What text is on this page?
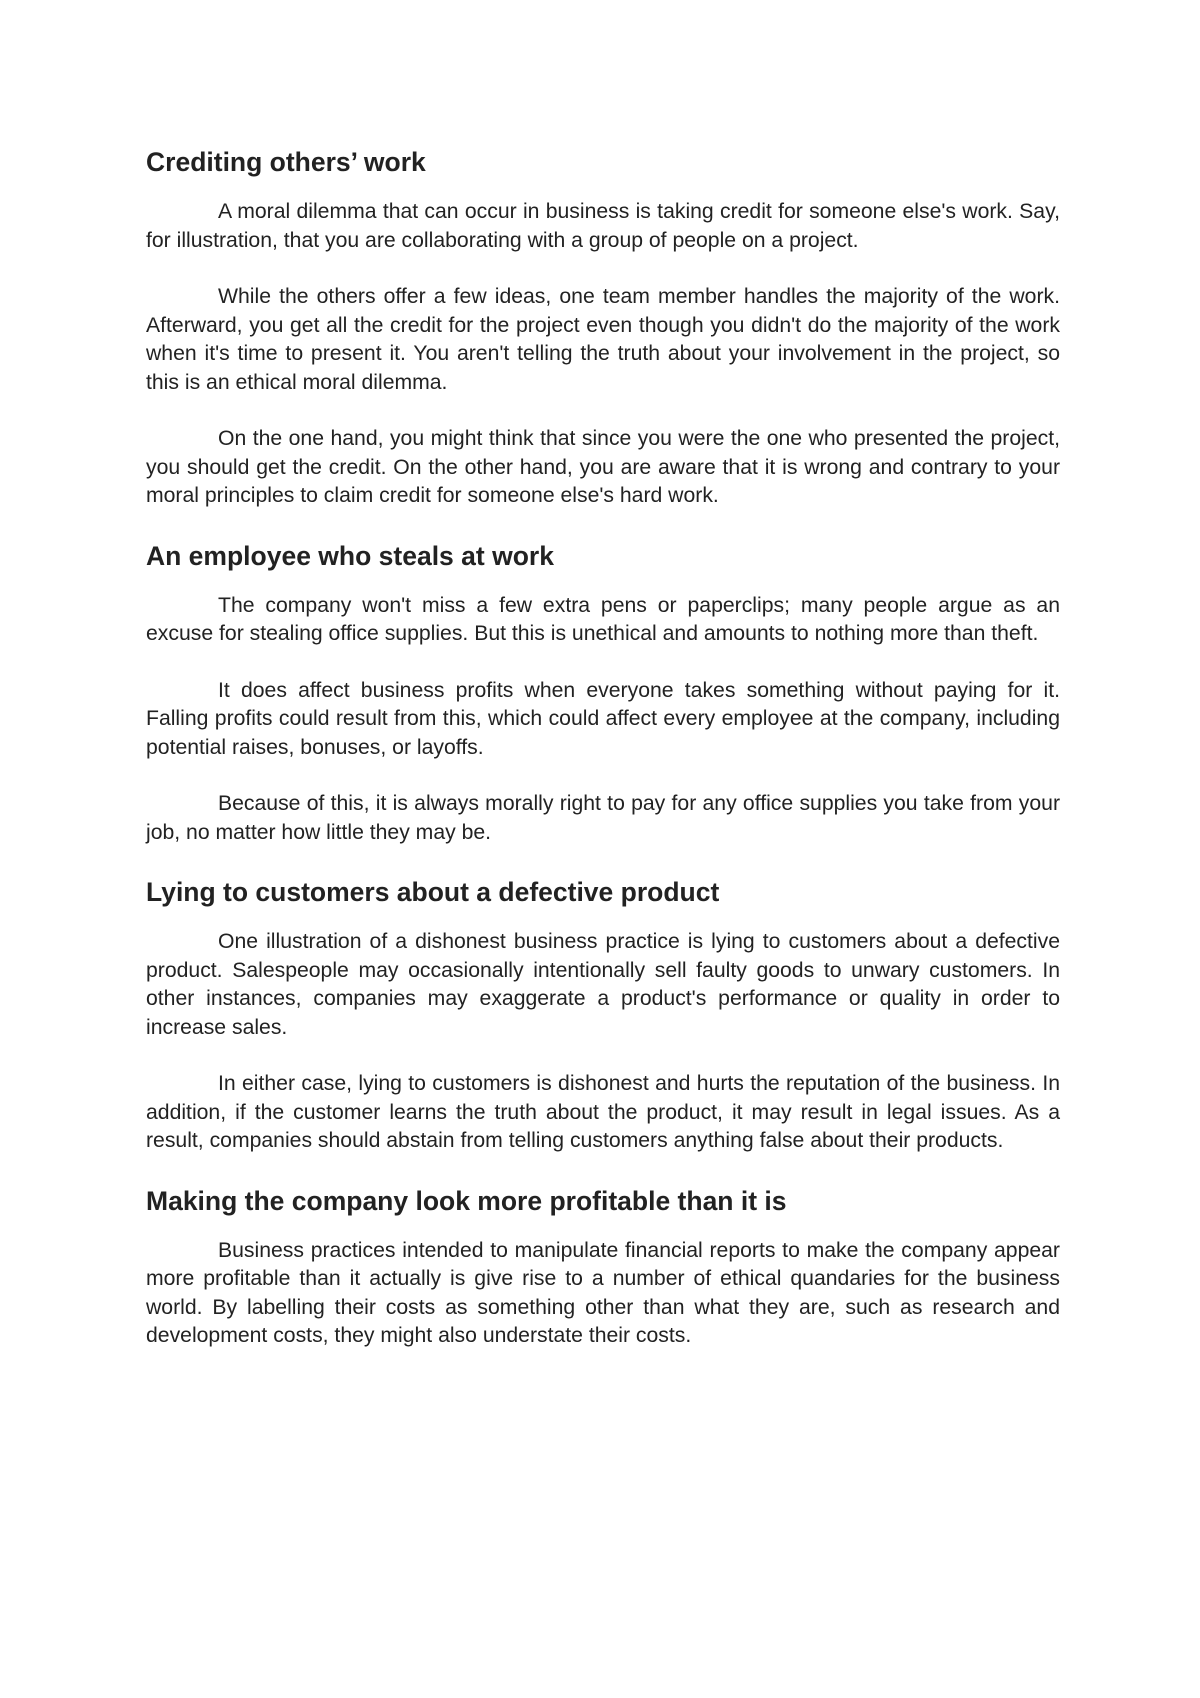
Crediting others’ work

A moral dilemma that can occur in business is taking credit for someone else's work. Say, for illustration, that you are collaborating with a group of people on a project.

While the others offer a few ideas, one team member handles the majority of the work. Afterward, you get all the credit for the project even though you didn't do the majority of the work when it's time to present it. You aren't telling the truth about your involvement in the project, so this is an ethical moral dilemma.

On the one hand, you might think that since you were the one who presented the project, you should get the credit. On the other hand, you are aware that it is wrong and contrary to your moral principles to claim credit for someone else's hard work.

An employee who steals at work

The company won't miss a few extra pens or paperclips; many people argue as an excuse for stealing office supplies. But this is unethical and amounts to nothing more than theft.

It does affect business profits when everyone takes something without paying for it. Falling profits could result from this, which could affect every employee at the company, including potential raises, bonuses, or layoffs.

Because of this, it is always morally right to pay for any office supplies you take from your job, no matter how little they may be.

Lying to customers about a defective product

One illustration of a dishonest business practice is lying to customers about a defective product. Salespeople may occasionally intentionally sell faulty goods to unwary customers. In other instances, companies may exaggerate a product's performance or quality in order to increase sales.

In either case, lying to customers is dishonest and hurts the reputation of the business. In addition, if the customer learns the truth about the product, it may result in legal issues. As a result, companies should abstain from telling customers anything false about their products.

Making the company look more profitable than it is

Business practices intended to manipulate financial reports to make the company appear more profitable than it actually is give rise to a number of ethical quandaries for the business world. By labelling their costs as something other than what they are, such as research and development costs, they might also understate their costs.
